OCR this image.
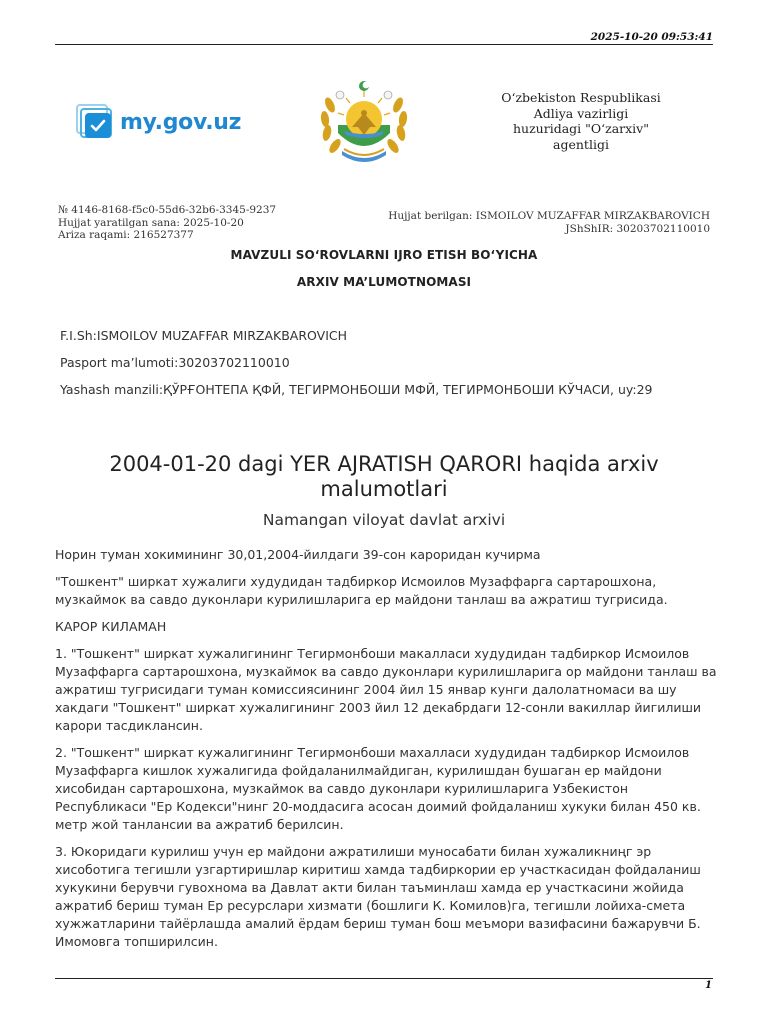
2025-10-20 09:53:41
my.gov.uz
O‘zbekiston Respublikasi
Adliya vazirligi
huzuridagi "O‘zarxiv"
agentligi
№ 4146-8168-f5c0-55d6-32b6-3345-9237
Hujjat yaratilgan sana: 2025-10-20
Ariza raqami: 216527377
Hujjat berilgan: ISMOILOV MUZAFFAR MIRZAKBAROVICH
JShShIR: 30203702110010
MAVZULI SO‘ROVLARNI IJRO ETISH BO‘YICHA
ARXIV MA’LUMOTNOMASI
F.I.Sh:ISMOILOV MUZAFFAR MIRZAKBAROVICH
Pasport ma’lumoti:30203702110010
Yashash manzili:ҚЎРҒОНТЕПА ҚФЙ, ТЕГИРМОНБОШИ МФЙ, ТЕГИРМОНБОШИ КЎЧАСИ, uy:29
2004-01-20 dagi YER AJRATISH QARORI haqida arxiv malumotlari
Namangan viloyat davlat arxivi

Норин туман хокимининг 30,01,2004-йилдаги 39-сон кароридан кучирма

"Тошкент" ширкат хужалиги худудидан тадбиркор Исмоилов Музаффарга сартарошхона, музкаймок ва савдо дуконлари курилишларига ер майдони танлаш ва ажратиш тугрисида.

КАРОР КИЛАМАН

1. "Тошкент" ширкат хужалигининг Тегирмонбоши макалласи худудидан тадбиркор Исмоилов Музаффарга сартарошхона, музкаймок ва савдо дуконлари курилишларига ор майдони танлаш ва ажратиш тугрисидаги туман комиссиясининг 2004 йил 15 январ кунги далолатномаси ва шу хакдаги "Тошкент" ширкат хужалигининг 2003 йил 12 декабрдаги 12-сонли вакиллар йигилиши карори тасдиклансин.

2. "Тошкент" ширкат кужалигининг Тегирмонбоши махалласи худудидан тадбиркор Исмоилов Музаффарга кишлок хужалигида фойдаланилмайдиган, курилишдан бушаган ер майдони хисобидан сартарошхона, музкаймок ва савдо дуконлари курилишларига Узбекистон Республикаси "Ер Кодекси"нинг 20-моддасига асосан доимий фойдаланиш хукуки билан 450 кв. метр жой танлансии ва ажратиб берилсин.

3. Юкоридаги курилиш учун ер майдони ажратилиши муносабати билан хужаликниңг эр хисоботига тегишли узгартиришлар киритиш хамда тадбиркории ер участкасидан фойдаланиш хукукини берувчи гувохнома ва Давлат акти билан таъминлаш хамда ер участкасини жойида ажратиб бериш туман Ер ресурслари хизмати (бошлиги К. Комилов)га, тегишли лойиха-смета хужжатларини тайёрлашда амалий ёрдам бериш туман бош меъмори вазифасини бажарувчи Б. Имомовга топширилсин.

1
